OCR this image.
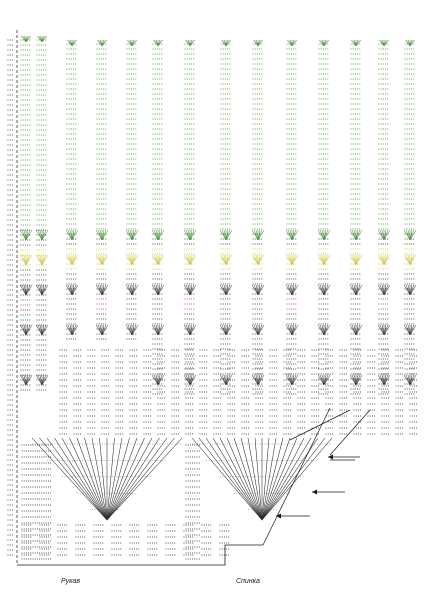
Рукав	Спинка
